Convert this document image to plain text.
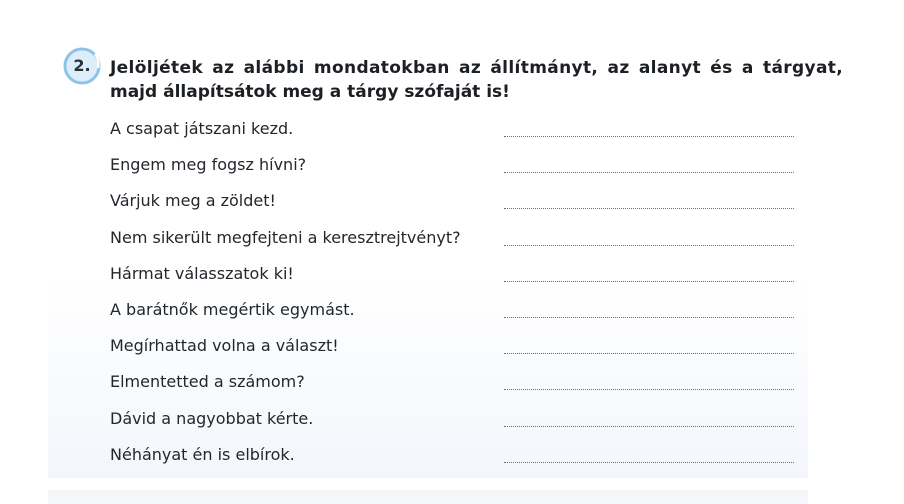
2.	Jelöljétek az alábbi mondatokban az állítmányt, az alanyt és a tárgyat,
majd állapítsátok meg a tárgy szófaját is!
A csapat játszani kezd.
Engem meg fogsz hívni?
Várjuk meg a zöldet!
Nem sikerült megfejteni a keresztrejtvényt?
Hármat válasszatok ki!
A barátnők megértik egymást.
Megírhattad volna a választ!
Elmentetted a számom?
Dávid a nagyobbat kérte.
Néhányat én is elbírok.
